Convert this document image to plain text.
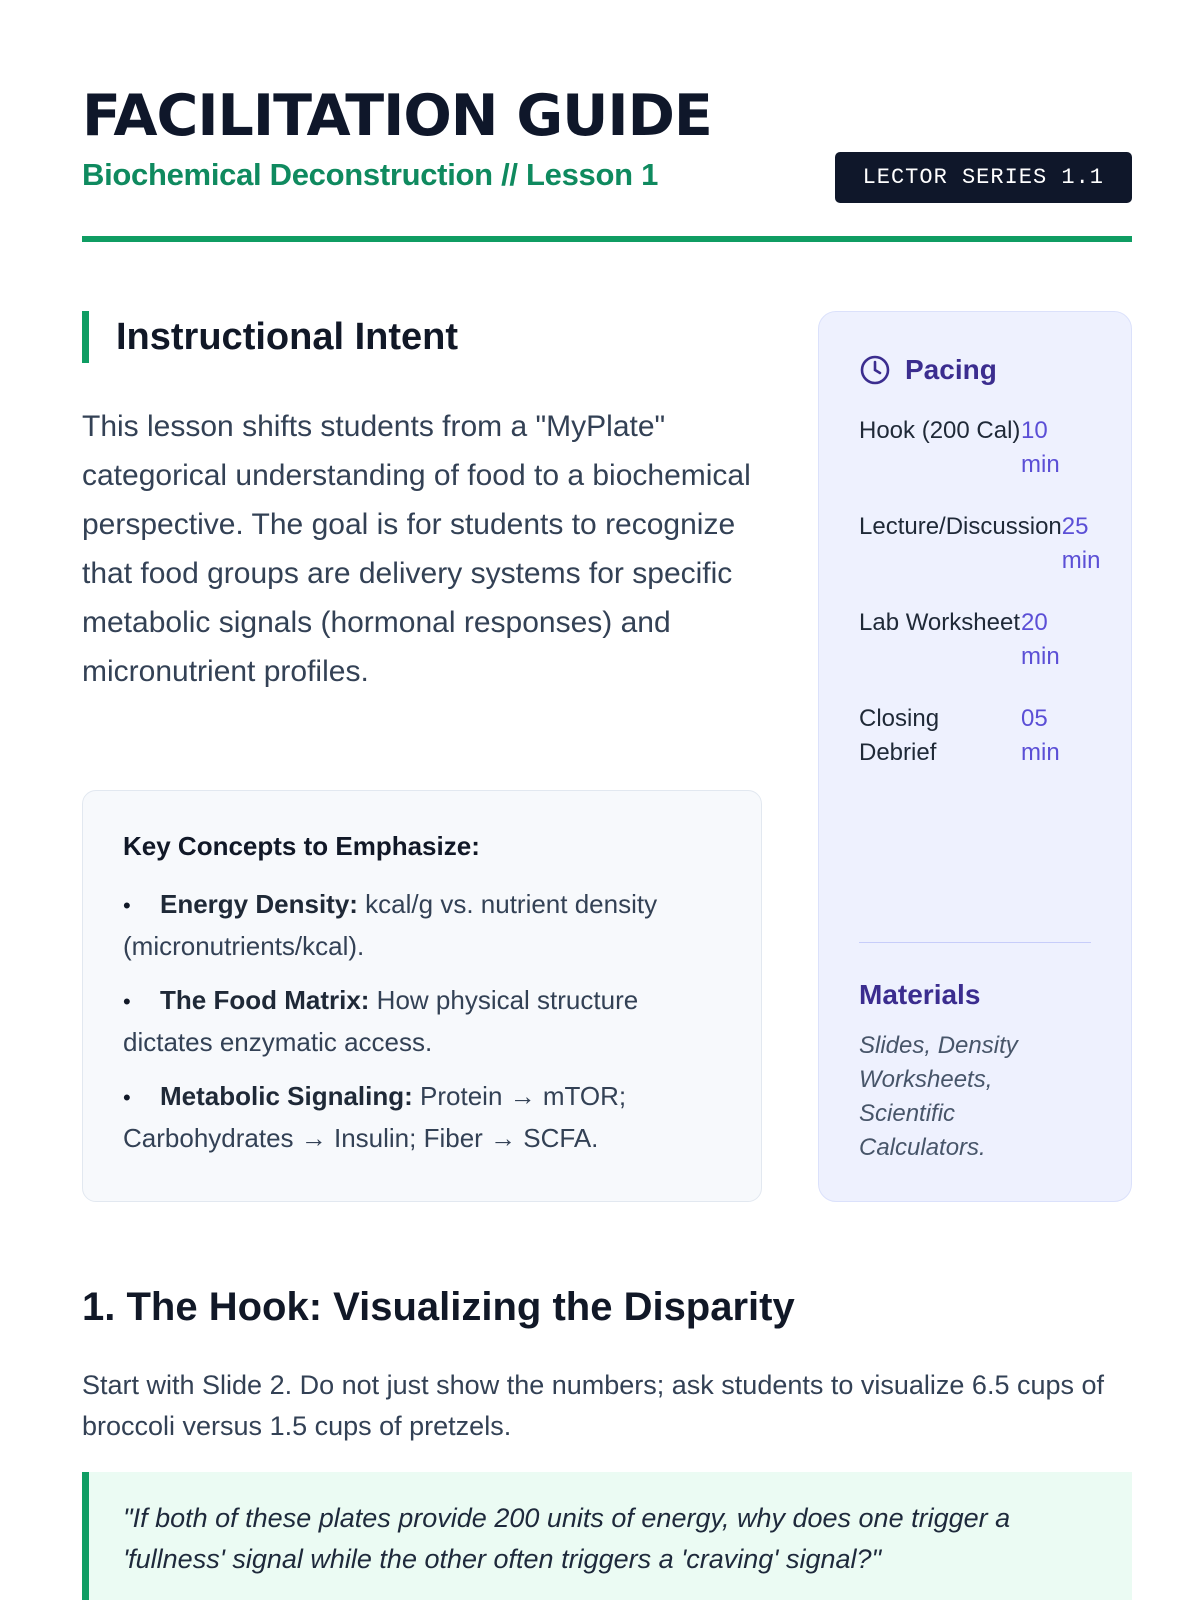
FACILITATION GUIDE
Biochemical Deconstruction // Lesson 1	LECTOR SERIES 1.1
Instructional Intent

This lesson shifts students from a "MyPlate" categorical understanding of food to a biochemical perspective. The goal is for students to recognize that food groups are delivery systems for specific metabolic signals (hormonal responses) and micronutrient profiles.

Key Concepts to Emphasize:
• Energy Density: kcal/g vs. nutrient density (micronutrients/kcal).
• The Food Matrix: How physical structure dictates enzymatic access.
• Metabolic Signaling: Protein → mTOR; Carbohydrates → Insulin; Fiber → SCFA.
Pacing
Hook (200 Cal) 10 min
Lecture/Discussion 25 min
Lab Worksheet 20 min
Closing Debrief
05 min
Materials
Slides, Density Worksheets, Scientific Calculators.
1. The Hook: Visualizing the Disparity

Start with Slide 2. Do not just show the numbers; ask students to visualize 6.5 cups of broccoli versus 1.5 cups of pretzels.

"If both of these plates provide 200 units of energy, why does one trigger a 'fullness' signal while the other often triggers a 'craving' signal?"
